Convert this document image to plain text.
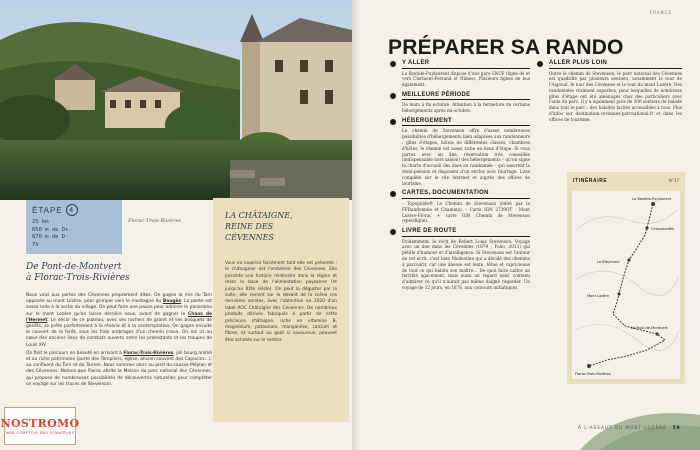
Florac-Trois-Rivières
ÉTAPE 4
25 km
650 m de D+
870 m de D-
7h
De Pont-de-Montvert
à Florac-Trois-Rivières

Nous voici aux portes des Cévennes proprement dites. On gagne la rive du Tarn opposée au mont Lozère, pour grimper vers le montagne du Bougès. La pente est assez rude à la sortie du village. On peut faire une pause pour admirer le panorama sur le mont Lozère qu'on laisse derrière nous, avant de gagner le Chaos de l'Hermet. Le décor de ce plateau, avec ses rochers de granit et ses bosquets de genêts, se prête parfaitement à la rêverie et à la contemplation. On gagne ensuite le couvert de la forêt, sous les frais ombrages d'un chemin creux. On est ici au cœur des anciens lieux de combats ouverts entre les protestants et les troupes de Louis XIV.

On finit le parcours en beauté en arrivant à Florac-Trois-Rivières, joli bourg animé et au riche patrimoine (porte des Templiers, église, ancien couvent des Capucins...), au confluent du Tarn et du Tarnon. Nous sommes alors au pied du causse Méjean et des Cévennes. Notons que Florac abrite la Maison du parc national des Cévennes, qui propose de nombreuses possibilités de découvertes naturelles pour compléter ce voyage sur les traces de Stevenson.

LA CHÂTAIGNE,
REINE DES
CÉVENNES
Vous en loueriez forcément tant elle est présente : le châtaignier est l'emblème des Cévennes. Elle possède une histoire millénaire dans la région et reste la base de l'alimentation paysanne (et jusqu'au XIXe siècle). On peut la déguster par la suite, elle revient sur le devant de la scène ces dernières années, avec l'obtention en 2020 d'un label AOC Châtaigne des Cévennes. De nombreux produits dérivés fabriqués à partir de cette précieuse châtaigne, riche en vitamine B, magnésium, potassium, manganèse, calcium et fibres, et surtout au goût si savoureux, peuvent être achetés sur le sentier.
NOSTROMO
WEB COMPTOIR DES VOYAGEURS
FRANCE
PRÉPARER SA RANDO
Y ALLER
La Bastide-Puylaurent dispose d'une gare SNCF (ligne de et vers Clermont-Ferrand et Nîmes). Plusieurs lignes de bus également.
MEILLEURE PÉRIODE
De mars à fin octobre. Attention à la fermeture de certains hébergements après mi-octobre.
HÉBERGEMENT
Le chemin de Stevenson offre d'assez nombreuses possibilités d'hébergements bien adaptées aux randonneurs : gîtes d'étapes, hôtels de différentes classes, chambres d'hôtes, le chemin est assez riche en lieux d'étape. Si vous partez avec un âne, réservation très conseillée (indispensable hors saison) des hébergements – qu'on signe la charte d'accueil des ânes en randonnée – qui assurent la demi-pension et disposent d'un enclos avec fourrage. Liste complète sur le site internet et auprès des offices de tourisme.
CARTES, DOCUMENTATION
- Topoguide® Le Chemin de Stevenson (édité par la FFRandonnée et Chamina). - Carte IGN 2739OT - Mont Lozère-Florac + carte IGN Chemin de Stevenson (spécifique).
LIVRE DE ROUTE
Évidemment, le récit de Robert Louis Stevenson, Voyage avec un âne dans les Cévennes (1879 ; Folio, 2013) qui pétille d'humour et d'intelligence. Si Stevenson est l'auteur de cet écrit, c'est bien Modestine qui a décidé des chemins à parcourir, car une ânesse est lente, têtue et capricieuse de tout ce qui habite son maître… De quoi faire naître un terrible agacement, mais aussi un regard neuf, contenu d'admirer ce qu'il n'aurait pas même daigné regarder. Un voyage de 12 jours, en 1878, aux contours initiatiques.
ALLER PLUS LOIN
Outre le chemin de Stevenson, le parc national des Cévennes est quadrillé par plusieurs sentiers, notamment le tour de l'Aigoual, le tour des Cévennes et le tour du mont Lozère. Des randonnées vraiment superbes, pour lesquelles de nombreux gîtes d'étape ont été aménagés chez des particuliers avec l'aide du parc. Il y a également près de 300 sentiers de balade dans tout le parc : des balades faciles accessibles à tous. Plus d'infos sur destination.cevennes-parcnational.fr et dans les offices de tourisme.
ITINÉRAIRE	N°17
La Bastide-Puylaurent
Chasseradès
Le Bleymard
Mont Lozère
Le Pont-de-Montvert
Florac-Trois-Rivières
À L'ASSAUT DU MONT LOZÈRE 59
